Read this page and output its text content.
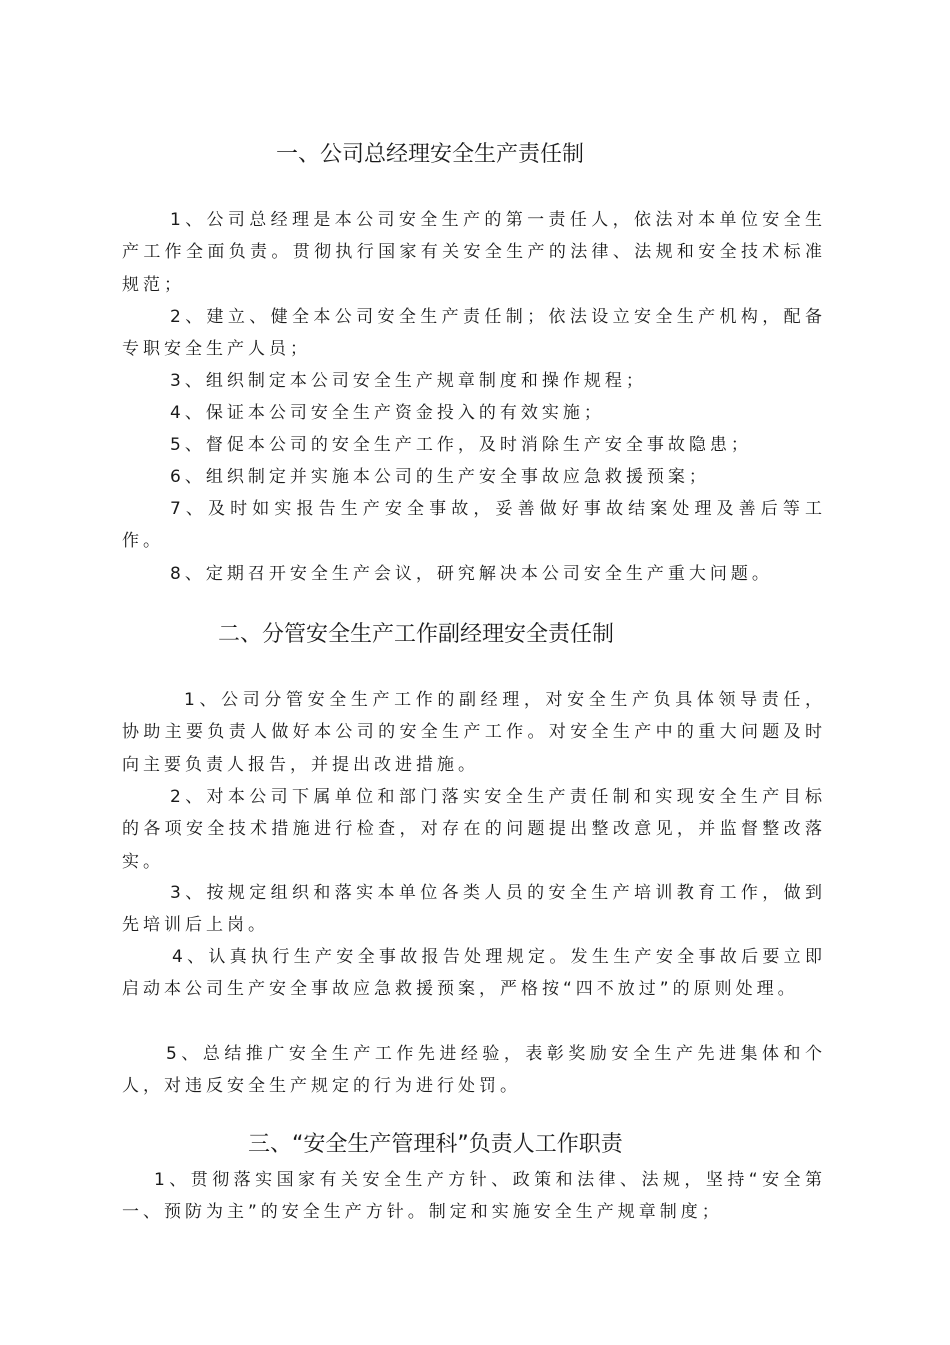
一、公司总经理安全生产责任制

1、公司总经理是本公司安全生产的第一责任人，依法对本单位安全生产工作全面负责。贯彻执行国家有关安全生产的法律、法规和安全技术标准规范；

2、建立、健全本公司安全生产责任制；依法设立安全生产机构，配备专职安全生产人员；

3、组织制定本公司安全生产规章制度和操作规程；

4、保证本公司安全生产资金投入的有效实施；

5、督促本公司的安全生产工作，及时消除生产安全事故隐患；

6、组织制定并实施本公司的生产安全事故应急救援预案；

7、及时如实报告生产安全事故，妥善做好事故结案处理及善后等工作。

8、定期召开安全生产会议，研究解决本公司安全生产重大问题。

二、分管安全生产工作副经理安全责任制

1、公司分管安全生产工作的副经理，对安全生产负具体领导责任，协助主要负责人做好本公司的安全生产工作。对安全生产中的重大问题及时向主要负责人报告，并提出改进措施。

2、对本公司下属单位和部门落实安全生产责任制和实现安全生产目标的各项安全技术措施进行检查，对存在的问题提出整改意见，并监督整改落实。

3、按规定组织和落实本单位各类人员的安全生产培训教育工作，做到先培训后上岗。

4、认真执行生产安全事故报告处理规定。发生生产安全事故后要立即启动本公司生产安全事故应急救援预案，严格按“四不放过”的原则处理。

5、总结推广安全生产工作先进经验，表彰奖励安全生产先进集体和个人，对违反安全生产规定的行为进行处罚。

三、“安全生产管理科”负责人工作职责

1、贯彻落实国家有关安全生产方针、政策和法律、法规，坚持“安全第一、预防为主”的安全生产方针。制定和实施安全生产规章制度；
